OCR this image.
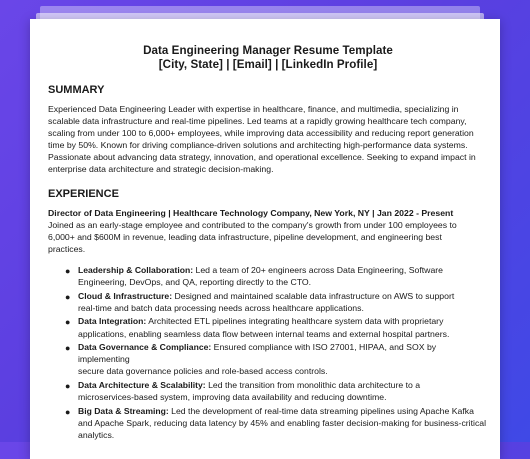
Data Engineering Manager Resume Template

[City, State] | [Email] | [LinkedIn Profile]

SUMMARY

Experienced Data Engineering Leader with expertise in healthcare, finance, and multimedia, specializing in
scalable data infrastructure and real-time pipelines. Led teams at a rapidly growing healthcare tech company,
scaling from under 100 to 6,000+ employees, while improving data accessibility and reducing report generation
time by 50%. Known for driving compliance-driven solutions and architecting high-performance data systems.
Passionate about advancing data strategy, innovation, and operational excellence. Seeking to expand impact in
enterprise data architecture and strategic decision-making.

EXPERIENCE

Director of Data Engineering | Healthcare Technology Company, New York, NY | Jan 2022 - Present

Joined as an early-stage employee and contributed to the company's growth from under 100 employees to
6,000+ and $600M in revenue, leading data infrastructure, pipeline development, and engineering best
practices.

● Leadership & Collaboration: Led a team of 20+ engineers across Data Engineering, Software
Engineering, DevOps, and QA, reporting directly to the CTO.
● Cloud & Infrastructure: Designed and maintained scalable data infrastructure on AWS to support
real-time and batch data processing needs across healthcare applications.
● Data Integration: Architected ETL pipelines integrating healthcare system data with proprietary
applications, enabling seamless data flow between internal teams and external hospital partners.
● Data Governance & Compliance: Ensured compliance with ISO 27001, HIPAA, and SOX by implementing
secure data governance policies and role-based access controls.
● Data Architecture & Scalability: Led the transition from monolithic data architecture to a
microservices-based system, improving data availability and reducing downtime.
● Big Data & Streaming: Led the development of real-time data streaming pipelines using Apache Kafka
and Apache Spark, reducing data latency by 45% and enabling faster decision-making for business-critical
analytics.
